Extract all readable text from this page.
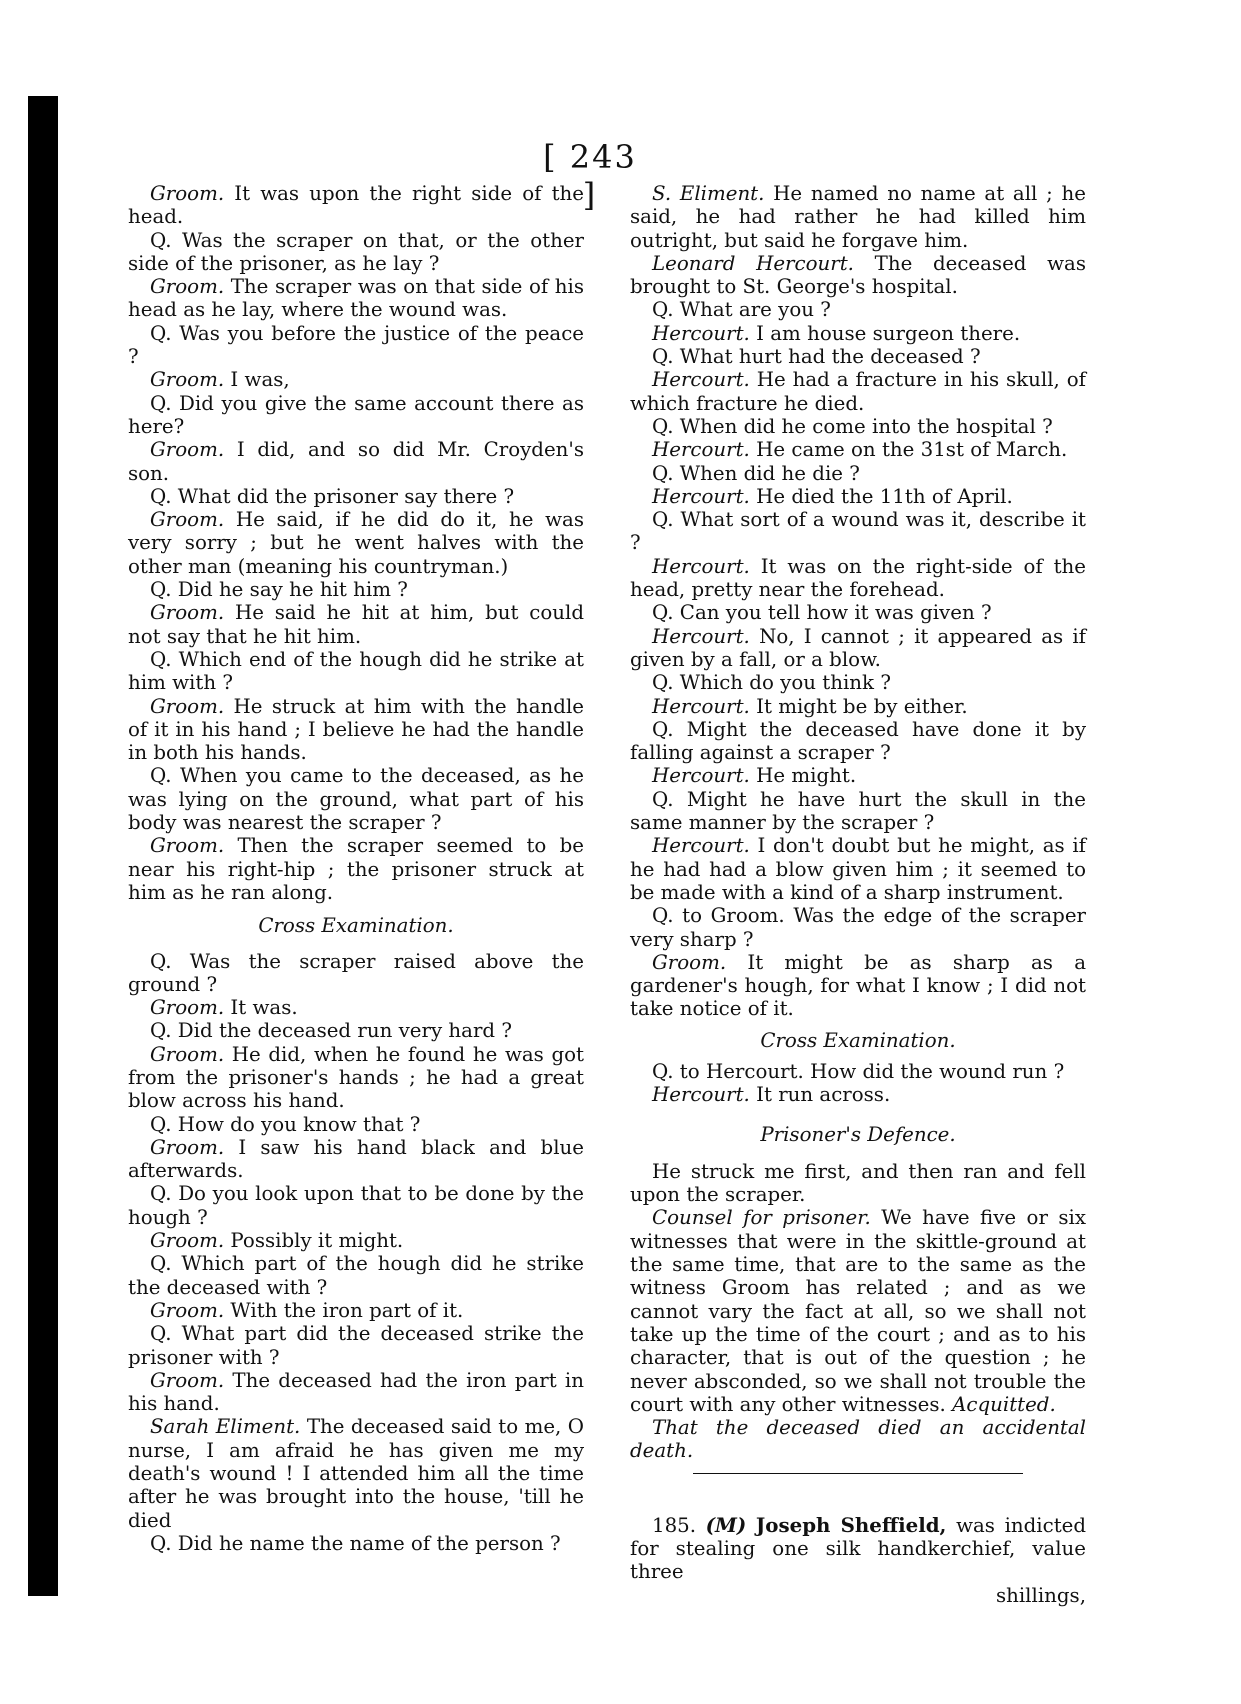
[ 243 ]

Groom. It was upon the right side of the head.

Q. Was the scraper on that, or the other side of the prisoner, as he lay ?

Groom. The scraper was on that side of his head as he lay, where the wound was.

Q. Was you before the justice of the peace ?

Groom. I was,

Q. Did you give the same account there as here?

Groom. I did, and so did Mr. Croyden's son.

Q. What did the prisoner say there ?

Groom. He said, if he did do it, he was very sorry ; but he went halves with the other man (meaning his countryman.)

Q. Did he say he hit him ?

Groom. He said he hit at him, but could not say that he hit him.

Q. Which end of the hough did he strike at him with ?

Groom. He struck at him with the handle of it in his hand ; I believe he had the handle in both his hands.

Q. When you came to the deceased, as he was lying on the ground, what part of his body was nearest the scraper ?

Groom. Then the scraper seemed to be near his right-hip ; the prisoner struck at him as he ran along.

Cross Examination.

Q. Was the scraper raised above the ground ?

Groom. It was.

Q. Did the deceased run very hard ?

Groom. He did, when he found he was got from the prisoner's hands ; he had a great blow across his hand.

Q. How do you know that ?

Groom. I saw his hand black and blue afterwards.

Q. Do you look upon that to be done by the hough ?

Groom. Possibly it might.

Q. Which part of the hough did he strike the deceased with ?

Groom. With the iron part of it.

Q. What part did the deceased strike the prisoner with ?

Groom. The deceased had the iron part in his hand.

Sarah Eliment. The deceased said to me, O nurse, I am afraid he has given me my death's wound ! I attended him all the time after he was brought into the house, 'till he died

Q. Did he name the name of the person ?

S. Eliment. He named no name at all ; he said, he had rather he had killed him outright, but said he forgave him.

Leonard Hercourt. The deceased was brought to St. George's hospital.

Q. What are you ?

Hercourt. I am house surgeon there.

Q. What hurt had the deceased ?

Hercourt. He had a fracture in his skull, of which fracture he died.

Q. When did he come into the hospital ?

Hercourt. He came on the 31st of March.

Q. When did he die ?

Hercourt. He died the 11th of April.

Q. What sort of a wound was it, describe it ?

Hercourt. It was on the right-side of the head, pretty near the forehead.

Q. Can you tell how it was given ?

Hercourt. No, I cannot ; it appeared as if given by a fall, or a blow.

Q. Which do you think ?

Hercourt. It might be by either.

Q. Might the deceased have done it by falling against a scraper ?

Hercourt. He might.

Q. Might he have hurt the skull in the same manner by the scraper ?

Hercourt. I don't doubt but he might, as if he had had a blow given him ; it seemed to be made with a kind of a sharp instrument.

Q. to Groom. Was the edge of the scraper very sharp ?

Groom. It might be as sharp as a gardener's hough, for what I know ; I did not take notice of it.

Cross Examination.

Q. to Hercourt. How did the wound run ?

Hercourt. It run across.

Prisoner's Defence.

He struck me first, and then ran and fell upon the scraper.

Counsel for prisoner. We have five or six witnesses that were in the skittle-ground at the same time, that are to the same as the witness Groom has related ; and as we cannot vary the fact at all, so we shall not take up the time of the court ; and as to his character, that is out of the question ; he never absconded, so we shall not trouble the court with any other witnesses. Acquitted.

That the deceased died an accidental death.

185. (M) Joseph Sheffield, was indicted for stealing one silk handkerchief, value three

shillings,
